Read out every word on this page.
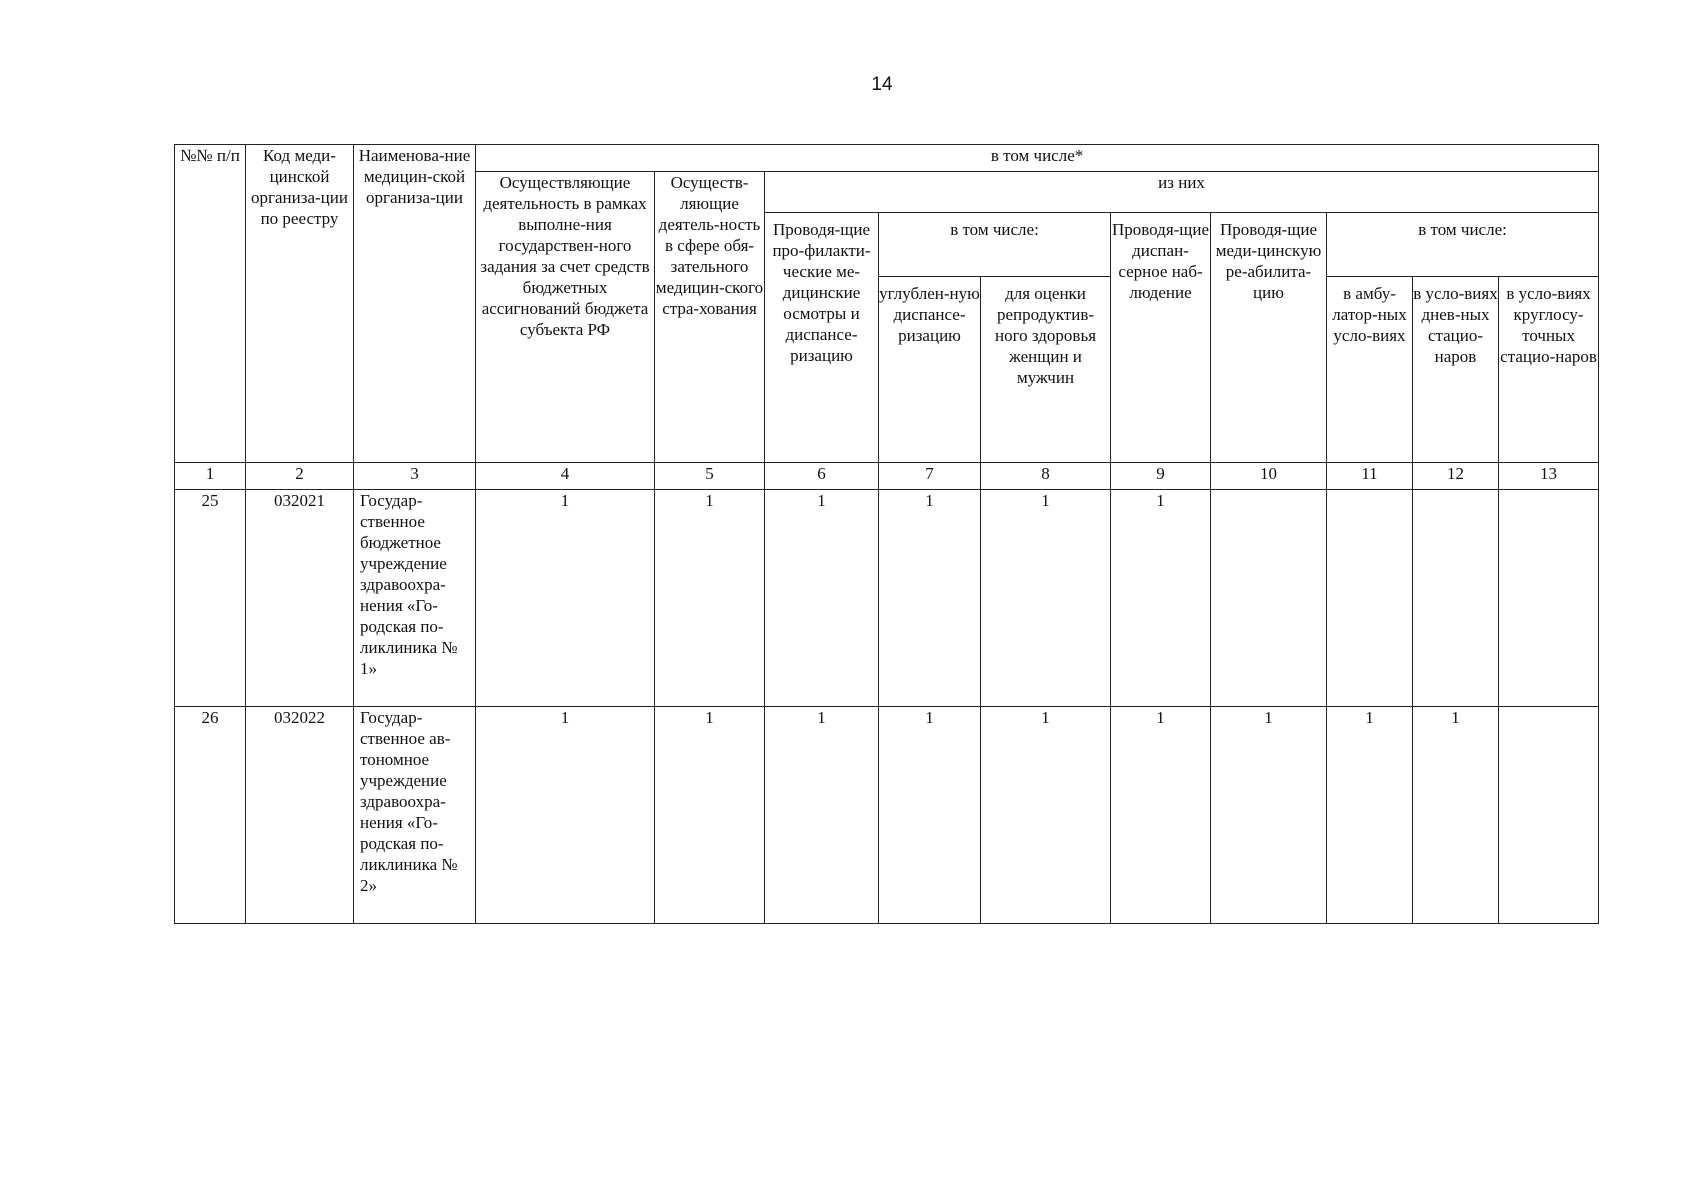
14
№№ п/п	Код меди-цинской организа-ции по реестру	Наименова-ние медицин-ской организа-ции	в том числе*									
			Осуществляющие деятельность в рамках выполне-ния государствен-ного задания за счет средств бюджетных ассигнований бюджета субъекта РФ	Осуществ-ляющие деятель-ность в сфере обя-зательного медицин-ского стра-хования	из них							
					Проводя-щие про-филакти-ческие ме-дицинские осмотры и диспансе-ризацию	в том числе:		Проводя-щие диспан-серное наб-людение	Проводя-щие меди-цинскую ре-абилита-цию	в том числе:		
						углублен-ную диспансе-ризацию	для оценки репродуктив-ного здоровья женщин и мужчин			в амбу-латор-ных усло-виях	в усло-виях днев-ных стацио-наров	в усло-виях круглосу-точных стацио-наров
1	2	3	4	5	6	7	8	9	10	11	12	13
25	032021	Государ-ственное бюджетное учреждение здравоохра-нения «Го-родская по-ликлиника № 1»	1	1	1	1	1	1				
26	032022	Государ-ственное ав-тономное учреждение здравоохра-нения «Го-родская по-ликлиника № 2»	1	1	1	1	1	1	1	1	1	
